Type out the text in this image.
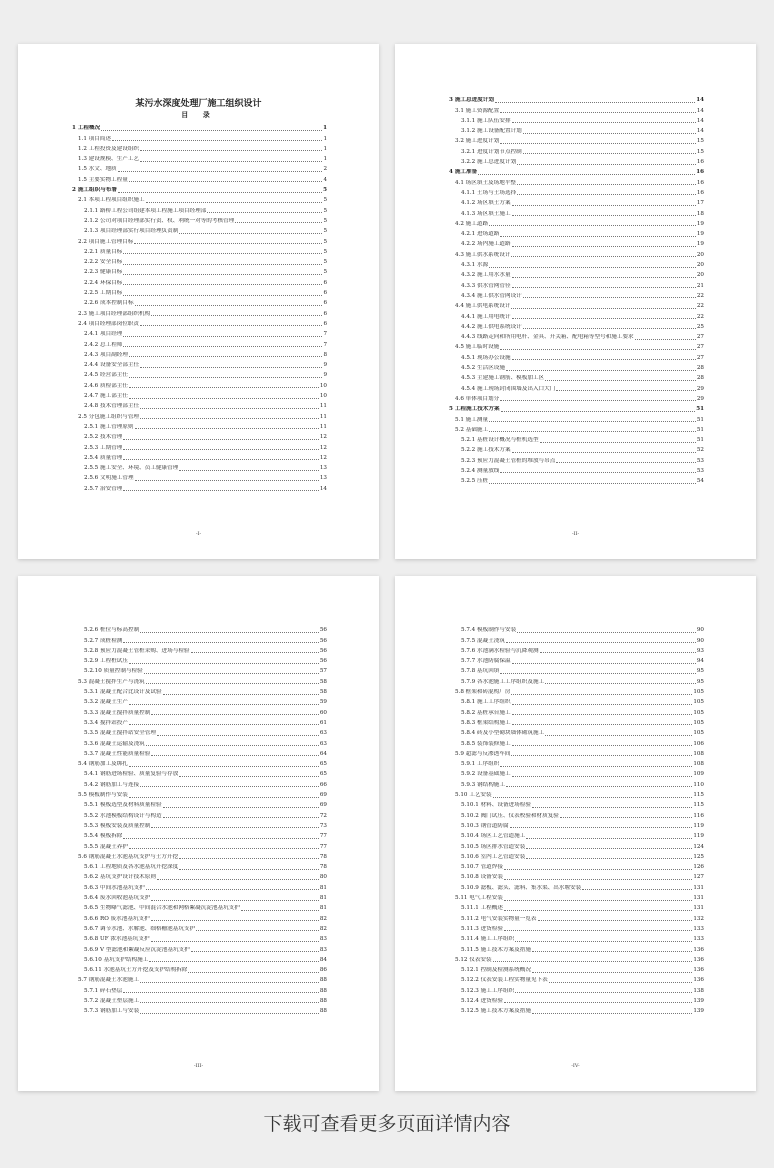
某污水深度处理厂施工组织设计
目 录
1 工程概况	1
1.1 项目简述	1
1.2 工程投资及建设组织	1
1.3 建设规模、生产工艺	1
1.5 水文、地质	2
1.5 主要实物工程量	4
2 施工组织与布署	5
2.1 本项工程项目组织施工	5
2.1.1 路桥工程公司组建本项工程施工项目经理部	5
2.1.2 公司对项目经理部实行责、权、利统一对等的考核管理	5
2.1.3 项目经理部实行项目经理负责制	5
2.2 项目施工管理目标	5
2.2.1 质量目标	5
2.2.2 安全目标	5
2.2.3 健康目标	5
2.2.4 环保目标	6
2.2.5 工期目标	6
2.2.6 成本控制目标	6
2.3 施工项目经理部组织机构	6
2.4 项目经理部岗位职责	6
2.4.1 项目经理	7
2.4.2 总工程师	7
2.4.3 项目副经理	8
2.4.4 设备安全部主任	9
2.4.5 经营部主任	9
2.4.6 质检部主任	10
2.4.7 施工部主任	10
2.4.8 技术管理部主任	11
2.5 分包施工组织与管理	11
2.5.1 施工管理原则	11
2.5.2 技术管理	12
2.5.3 工期管理	12
2.5.4 质量管理	12
2.5.5 施工安全、环境、员工健康管理	13
2.5.6 文明施工管理	13
2.5.7 治安管理	14
-I-
3 施工总进度计划	14
3.1 施工资源配置	14
3.1.1 施工队伍安排	14
3.1.2 施工设备配置计划	14
3.2 施工进度计划	15
3.2.1 进度计划节点控制	15
3.2.2 施工总进度计划	16
4 施工准备	16
4.1 场区填土及场地平整	16
4.1.1 土场与土场选择	16
4.1.2 场区填土方案	17
4.1.3 场区填土施工	18
4.2 施工道路	19
4.2.1 进场道路	19
4.2.2 场内施工道路	19
4.3 施工供水系统设计	20
4.3.1 水源	20
4.3.2 施工用水水量	20
4.3.3 供水管网管径	21
4.3.4 施工供水管网设计	22
4.4 施工供电系统设计	22
4.4.1 施工用电统计	22
4.4.2 施工供电系统设计	25
4.4.3 线路走向和所用电杆、金具、开关箱、配电箱等型号和施工要求	27
4.5 施工临时设施	27
4.5.1 现场办公设施	27
4.5.2 生活区设施	28
4.5.3 主建施工钢筋、模板加工区	28
4.5.4 施工现场封闭围墙及出入口大门	29
4.6 单体项目划分	29
5 工程施工技术方案	51
5.1 施工测量	51
5.2 基础施工	51
5.2.1 基桩设计概况与桩机选型	51
5.2.2 施工技术方案	52
5.2.3 预应力混凝土管桩的堆放与吊点	53
5.2.4 测量放线	53
5.2.5 压桩	54
-II-
5.2.6 桩位与标高控制	56
5.2.7 成桩检测	56
5.2.8 预应力混凝土管桩采购、进场与检验	56
5.2.9 工程桩试压	56
5.2.10 质量控制与检验	57
5.3 混凝土搅拌生产与浇筑	58
5.3.1 混凝土配合比设计及试验	58
5.3.2 混凝土生产	59
5.3.3 混凝土搅拌质量控制	60
5.3.4 搅拌站投产	61
5.3.5 混凝土搅拌站安全管理	63
5.3.6 混凝土运输及浇筑	63
5.3.7 混凝土性能质量检验	64
5.4 钢筋加工及绑扎	65
5.4.1 钢筋进场检验、质量复验与存放	65
5.4.2 钢筋加工与连接	66
5.5 模板制作与安装	69
5.5.1 模板选型及材料质量检验	69
5.5.2 水池模板结构设计与构造	72
5.5.3 模板安装及质量控制	73
5.5.4 模板拆除	77
5.5.5 混凝土养护	77
5.6 钢筋混凝土水池基坑支护与土方开挖	78
5.6.1 工程地质及各水池基坑开挖深度	78
5.6.2 基坑支护设计技术原则	80
5.6.3 中间水池基坑支护	81
5.6.4 废水回收池基坑支护	81
5.6.5 生物曝气滤池、中间混合水池和网格絮凝沉淀池基坑支护	81
5.6.6 RO 废水池基坑支护	82
5.6.7 调节水池、水解池、细格栅池基坑支护	82
5.6.8 UF 浓水池基坑支护	83
5.6.9 V 型滤池和絮凝反应沉淀池基坑支护	83
5.6.10 基坑支护结构施工	84
5.6.11 水池基坑土方开挖及支护结构拆除	86
5.7 钢筋混凝土水池施工	88
5.7.1 碎石垫层	88
5.7.2 混凝土垫层施工	88
5.7.3 钢筋加工与安装	88
-III-
5.7.4 模板制作与安装	90
5.7.5 混凝土浇筑	90
5.7.6 水池满水检验与沉降观测	93
5.7.7 水池防腐保温	94
5.7.8 基坑回填	95
5.7.9 各水池施工工序组织及施工	95
5.8 框架和砖混构厂房	105
5.8.1 施工工序组织	105
5.8.2 基桩承台施工	105
5.8.3 框架结构施工	105
5.8.4 砖及小型砌块墙体砌筑施工	105
5.8.5 装饰装修施工	106
5.9 超滤与反渗透车间	108
5.9.1 工序组织	108
5.9.2 设备基础施工	109
5.9.3 钢结构施工	110
5.10 工艺安装	115
5.10.1 材料、设备进场检验	115
5.10.2 阀门试压、仪表校验和材质复验	116
5.10.3 钢管道防腐	119
5.10.4 场区工艺管道施工	119
5.10.5 场区排水管道安装	124
5.10.6 室内工艺管道安装	125
5.10.7 管道焊接	126
5.10.8 设备安装	127
5.10.9 滤板、滤头、滤料、集水渠、出水堰安装	131
5.11 电气工程安装	131
5.11.1 工程概述	131
5.11.2 电气安装实物量一览表	132
5.11.3 进货检验	133
5.11.4 施工工序组织	133
5.11.5 施工技术方案及措施	136
5.12 仪表安装	136
5.12.1 控制及检测系统概况	136
5.12.2 仪表安装工程实物量见下表	136
5.12.3 施工工序组织	138
5.12.4 进货检验	139
5.12.5 施工技术方案及措施	139
-IV-
下载可查看更多页面详情内容
